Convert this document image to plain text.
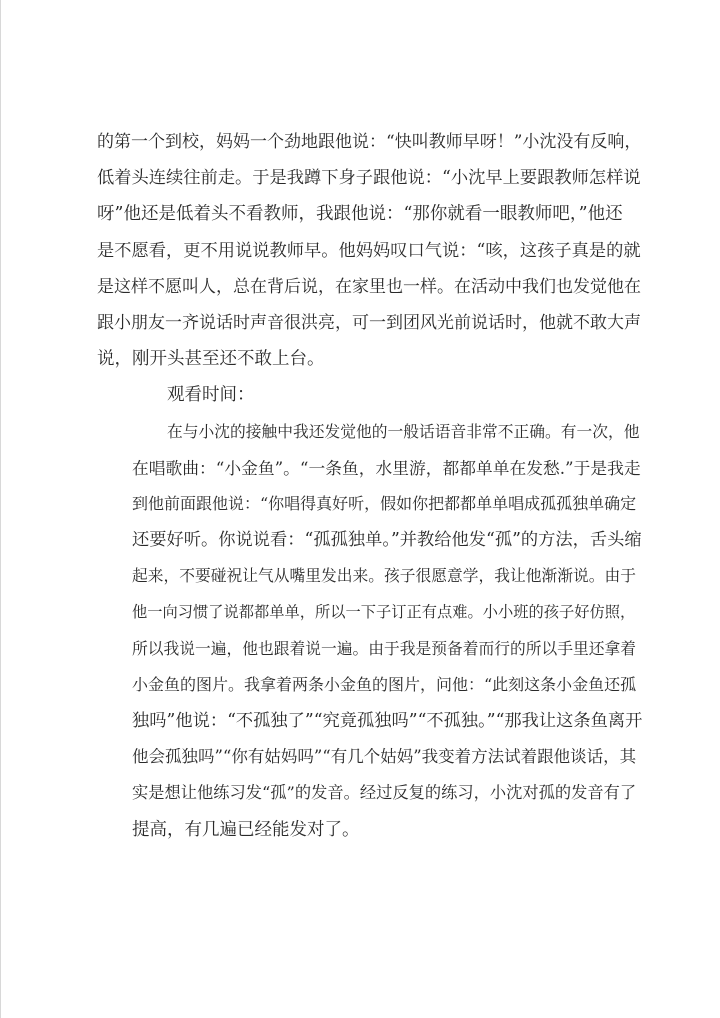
的第一个到校，妈妈一个劲地跟他说：“快叫教师早呀！”小沈没有反响，
低着头连续往前走。于是我蹲下身子跟他说：“小沈早上要跟教师怎样说
呀”他还是低着头不看教师，我跟他说：“那你就看一眼教师吧，”他还
是不愿看，更不用说说教师早。他妈妈叹口气说：“咳，这孩子真是的就
是这样不愿叫人，总在背后说，在家里也一样。在活动中我们也发觉他在
跟小朋友一齐说话时声音很洪亮，可一到团风光前说话时，他就不敢大声
说，刚开头甚至还不敢上台。
观看时间：
在与小沈的接触中我还发觉他的一般话语音非常不正确。有一次，他
在唱歌曲：“小金鱼”。“一条鱼，水里游，都都单单在发愁.”于是我走
到他前面跟他说：“你唱得真好听，假如你把都都单单唱成孤孤独单确定
还要好听。你说说看：“孤孤独单。”并教给他发“孤”的方法，舌头缩
起来，不要碰祝让气从嘴里发出来。孩子很愿意学，我让他渐渐说。由于
他一向习惯了说都都单单，所以一下子订正有点难。小小班的孩子好仿照，
所以我说一遍，他也跟着说一遍。由于我是预备着而行的所以手里还拿着
小金鱼的图片。我拿着两条小金鱼的图片，问他：“此刻这条小金鱼还孤
独吗”他说：“不孤独了”“究竟孤独吗”“不孤独。”“那我让这条鱼离开
他会孤独吗”“你有姑妈吗”“有几个姑妈”我变着方法试着跟他谈话，其
实是想让他练习发“孤”的发音。经过反复的练习，小沈对孤的发音有了
提高，有几遍已经能发对了。
